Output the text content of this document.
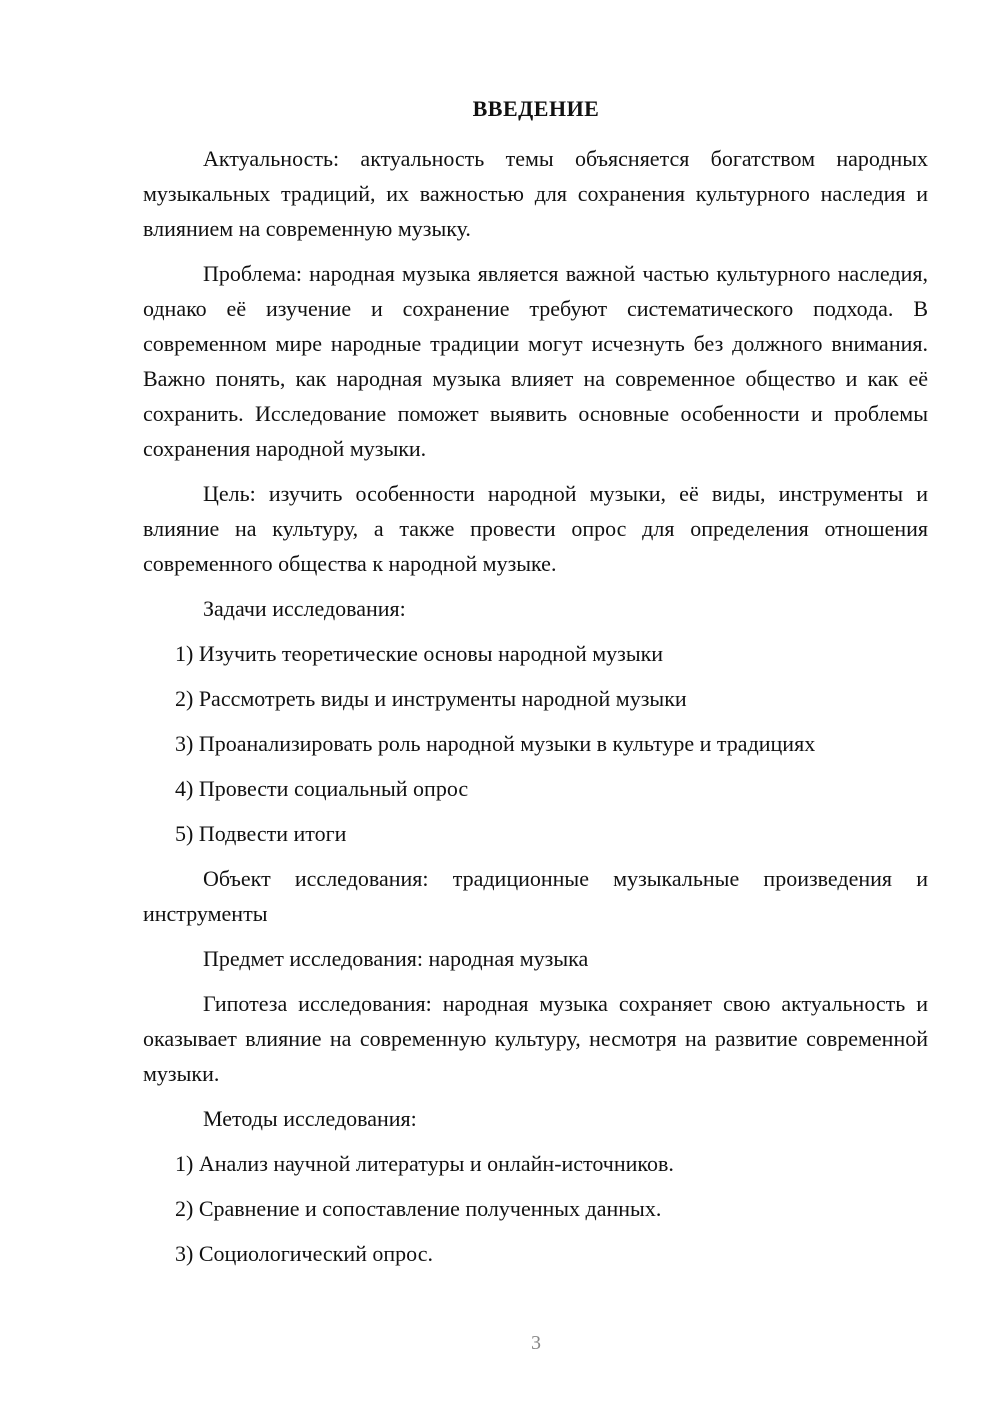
ВВЕДЕНИЕ

Актуальность: актуальность темы объясняется богатством народных музыкальных традиций, их важностью для сохранения культурного наследия и влиянием на современную музыку.

Проблема: народная музыка является важной частью культурного наследия, однако её изучение и сохранение требуют систематического подхода. В современном мире народные традиции могут исчезнуть без должного внимания. Важно понять, как народная музыка влияет на современное общество и как её сохранить. Исследование поможет выявить основные особенности и проблемы сохранения народной музыки.

Цель: изучить особенности народной музыки, её виды, инструменты и влияние на культуру, а также провести опрос для определения отношения современного общества к народной музыке.

Задачи исследования:

1) Изучить теоретические основы народной музыки

2) Рассмотреть виды и инструменты народной музыки

3) Проанализировать роль народной музыки в культуре и традициях

4) Провести социальный опрос

5) Подвести итоги

Объект исследования: традиционные музыкальные произведения и инструменты

Предмет исследования: народная музыка

Гипотеза исследования: народная музыка сохраняет свою актуальность и оказывает влияние на современную культуру, несмотря на развитие современной музыки.

Методы исследования:

1) Анализ научной литературы и онлайн-источников.

2) Сравнение и сопоставление полученных данных.

3) Социологический опрос.

3
